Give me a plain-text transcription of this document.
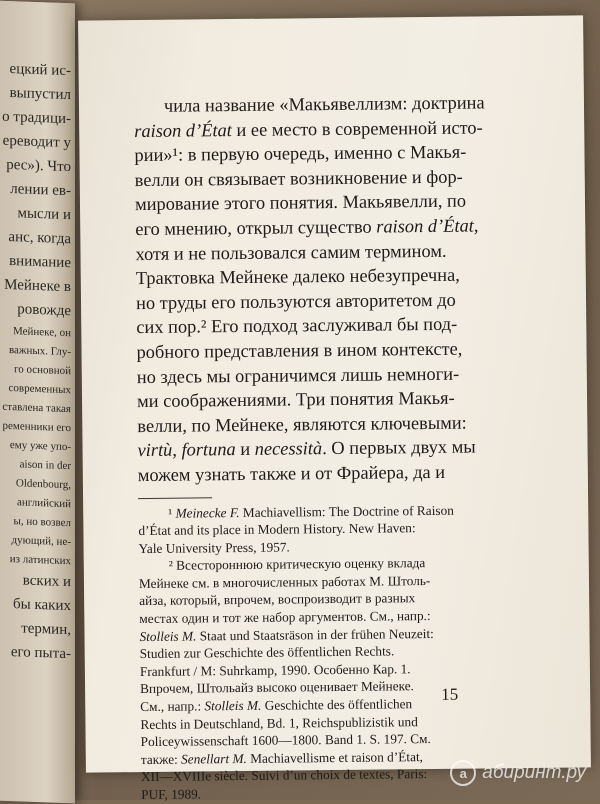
ецкий ис-
выпустил
о традици-
ереводит у
рес»). Что
лении ев-
мысли и
анс, когда
внимание
Мейнеке в
ровожде
Мейнеке, он
важных. Глу-
го основной
современных
ставлена такая
ременники его
ему уже упо-
aison in der
Oldenbourg,
английский
ы, но возвел
дующий, не-
из латинских
вских и
бы каких
термин,
его пыта-

чила название «Макьявеллизм: доктрина

raison d’État и ее место в современной исто-

рии»¹: в первую очередь, именно с Макья-

велли он связывает возникновение и фор-

мирование этого понятия. Макьявелли, по

его мнению, открыл существо raison d’État,

хотя и не пользовался самим термином.

Трактовка Мейнеке далеко небезупречна,

но труды его пользуются авторитетом до

сих пор.² Его подход заслуживал бы под-

робного представления в ином контексте,

но здесь мы ограничимся лишь немноги-

ми соображениями. Три понятия Макья-

велли, по Мейнеке, являются ключевыми:

virtù, fortuna и necessità. О первых двух мы

можем узнать также и от Фрайера, да и

¹ Meinecke F. Machiavellism: The Doctrine of Raison

d’État and its place in Modern History. New Haven:

Yale University Press, 1957.

² Всестороннюю критическую оценку вклада

Мейнеке см. в многочисленных работах М. Штоль-

айза, который, впрочем, воспроизводит в разных

местах один и тот же набор аргументов. См., напр.:

Stolleis M. Staat und Staatsräson in der frühen Neuzeit:

Studien zur Geschichte des öffentlichen Rechts.

Frankfurt / M: Suhrkamp, 1990. Особенно Кар. 1.

Впрочем, Штольайз высоко оценивает Мейнеке.

См., напр.: Stolleis M. Geschichte des öffentlichen

Rechts in Deutschland, Bd. 1, Reichspublizistik und

Policeywissenschaft 1600—1800. Band 1. S. 197. См.

также: Senellart M. Machiavellisme et raison d’État,

XII—XVIIIe siècle. Suivi d’un choix de textes, Paris:

PUF, 1989.

15
a абиринт.ру
